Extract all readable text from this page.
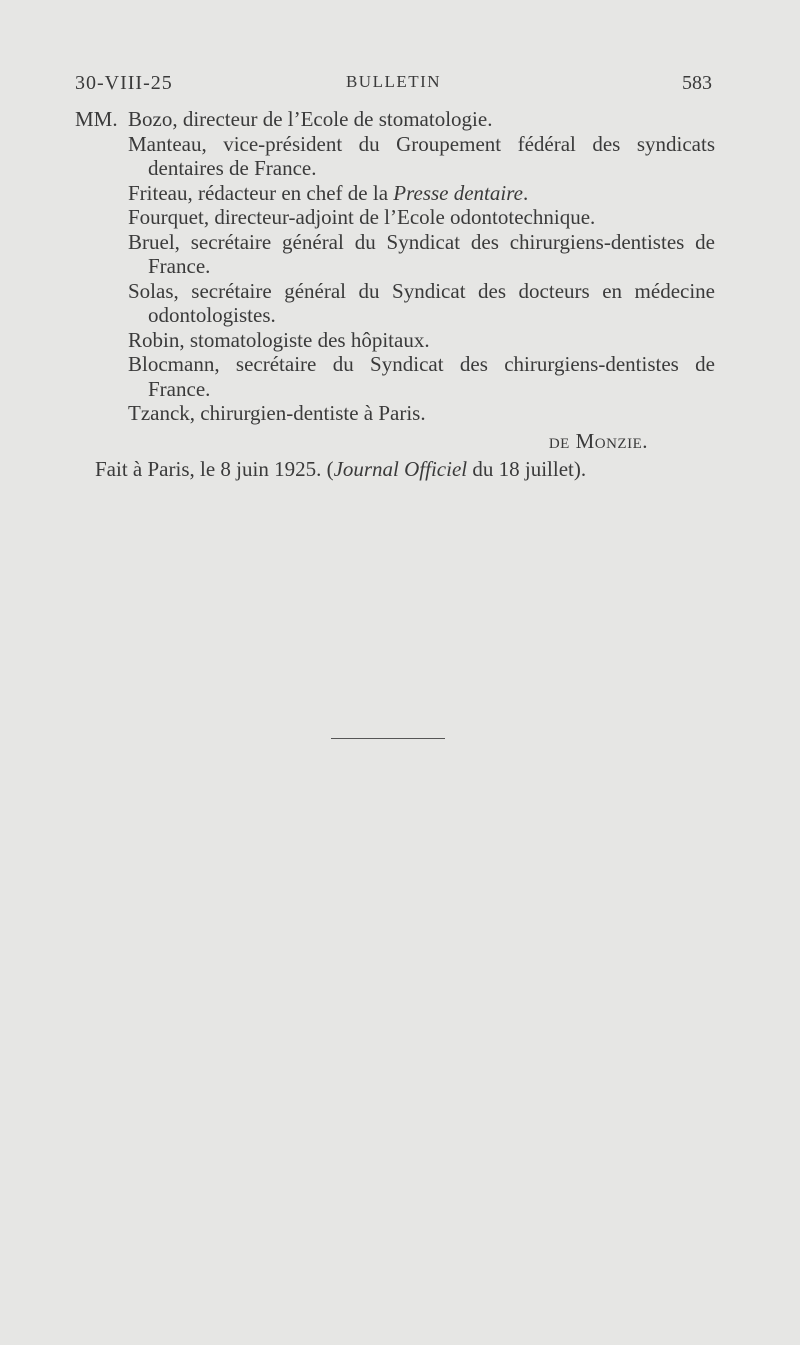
30-VIII-25	BULLETIN	583
MM. Bozo, directeur de l’Ecole de stomatologie.
Manteau, vice-président du Groupement fédéral des syndicats dentaires de France.
Friteau, rédacteur en chef de la Presse dentaire.
Fourquet, directeur-adjoint de l’Ecole odontotechnique.
Bruel, secrétaire général du Syndicat des chirurgiens-dentistes de France.
Solas, secrétaire général du Syndicat des docteurs en médecine odontologistes.
Robin, stomatologiste des hôpitaux.
Blocmann, secrétaire du Syndicat des chirurgiens-dentistes de France.
Tzanck, chirurgien-dentiste à Paris.
de Monzie.
Fait à Paris, le 8 juin 1925. (Journal Officiel du 18 juillet).
